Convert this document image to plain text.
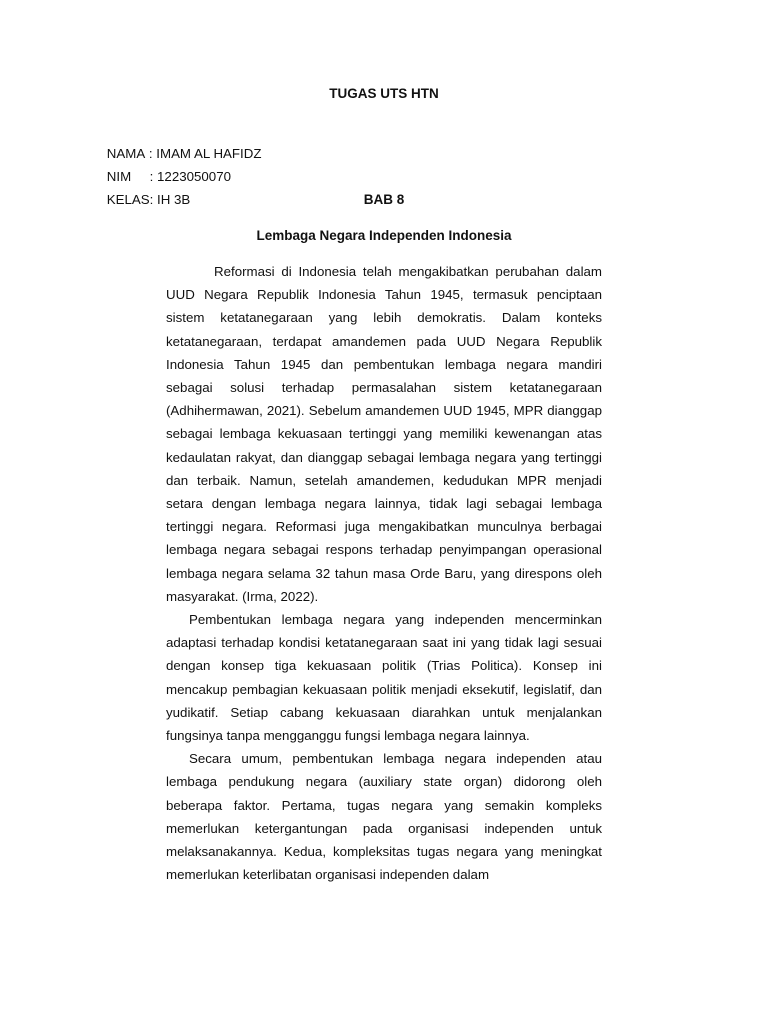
TUGAS UTS HTN

NAMA : IMAM AL HAFIDZ

NIM     : 1223050070

KELAS: IH 3B
	BAB 8
Lembaga Negara Independen Indonesia

Reformasi di Indonesia telah mengakibatkan perubahan dalam UUD Negara Republik Indonesia Tahun 1945, termasuk penciptaan sistem ketatanegaraan yang lebih demokratis. Dalam konteks ketatanegaraan, terdapat amandemen pada UUD Negara Republik Indonesia Tahun 1945 dan pembentukan lembaga negara mandiri sebagai solusi terhadap permasalahan sistem ketatanegaraan (Adhihermawan, 2021). Sebelum amandemen UUD 1945, MPR dianggap sebagai lembaga kekuasaan tertinggi yang memiliki kewenangan atas kedaulatan rakyat, dan dianggap sebagai lembaga negara yang tertinggi dan terbaik. Namun, setelah amandemen, kedudukan MPR menjadi setara dengan lembaga negara lainnya, tidak lagi sebagai lembaga tertinggi negara. Reformasi juga mengakibatkan munculnya berbagai lembaga negara sebagai respons terhadap penyimpangan operasional lembaga negara selama 32 tahun masa Orde Baru, yang direspons oleh masyarakat. (Irma, 2022).

Pembentukan lembaga negara yang independen mencerminkan adaptasi terhadap kondisi ketatanegaraan saat ini yang tidak lagi sesuai dengan konsep tiga kekuasaan politik (Trias Politica). Konsep ini mencakup pembagian kekuasaan politik menjadi eksekutif, legislatif, dan yudikatif. Setiap cabang kekuasaan diarahkan untuk menjalankan fungsinya tanpa mengganggu fungsi lembaga negara lainnya.

Secara umum, pembentukan lembaga negara independen atau lembaga pendukung negara (auxiliary state organ) didorong oleh beberapa faktor. Pertama, tugas negara yang semakin kompleks memerlukan ketergantungan pada organisasi independen untuk melaksanakannya. Kedua, kompleksitas tugas negara yang meningkat memerlukan keterlibatan organisasi independen dalam
